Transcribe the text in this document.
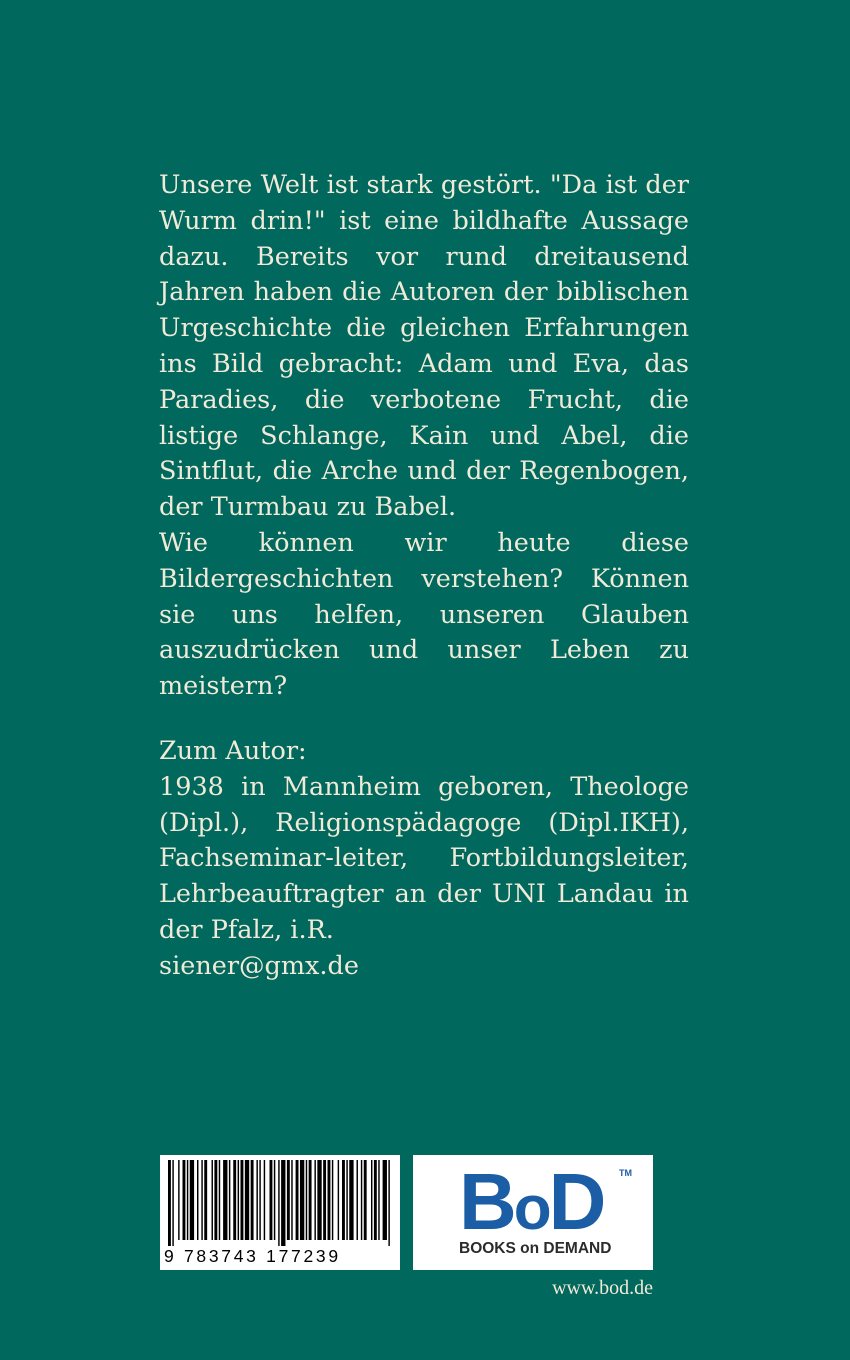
Unsere Welt ist stark gestört. "Da ist der Wurm drin!" ist eine bildhafte Aussage dazu. Bereits vor rund dreitausend Jahren haben die Autoren der biblischen Urgeschichte die gleichen Erfahrungen ins Bild gebracht: Adam und Eva, das Paradies, die verbotene Frucht, die listige Schlange, Kain und Abel, die Sintflut, die Arche und der Regenbogen, der Turmbau zu Babel.

Wie können wir heute diese Bildergeschichten verstehen? Können sie uns helfen, unseren Glauben auszudrücken und unser Leben zu meistern?

Zum Autor:

1938 in Mannheim geboren, Theologe (Dipl.), Religionspädagoge (Dipl.IKH), Fachseminar-leiter, Fortbildungsleiter, Lehrbeauftragter an der UNI Landau in der Pfalz, i.R.

siener@gmx.de

9 783743 177239
BoD	TM
BOOKS on DEMAND
www.bod.de
